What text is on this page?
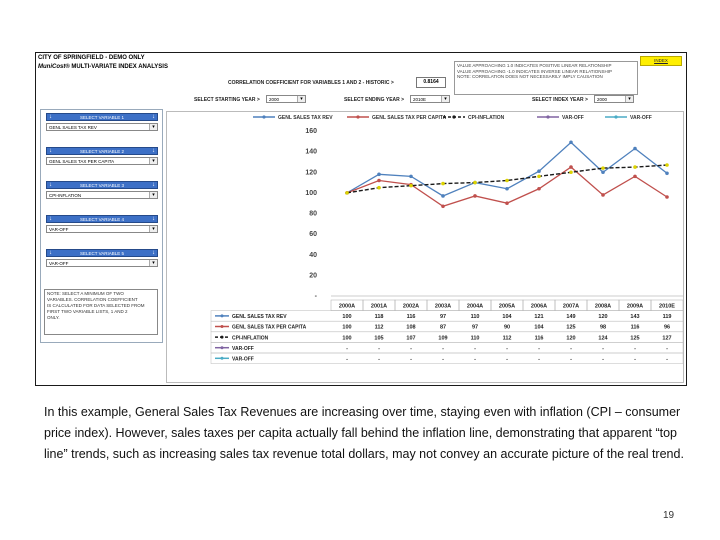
CITY OF SPRINGFIELD - DEMO ONLY
MuniCost® MULTI-VARIATE INDEX ANALYSIS
INDEX
VALUE APPROACHING 1.0 INDICATES POSITIVE LINEAR RELATIONSHIP
VALUE APPROACHING -1.0 INDICATES INVERSE LINEAR RELATIONSHIP
NOTE: CORRELATION DOES NOT NECESSARILY IMPLY CAUSATION
CORRELATION COEFFICIENT FOR VARIABLES 1 AND 2 - HISTORIC >	0.8164
SELECT STARTING YEAR >	2000	▾	SELECT ENDING YEAR >	2010E	▾	SELECT INDEX YEAR >	2000	▾
↓	SELECT VARIABLE 1	↓
GENL SALES TAX REV	▾
↓	SELECT VARIABLE 2	↓
GENL SALES TAX PER CAPITA	▾
↓	SELECT VARIABLE 3	↓
CPI-INFLATION	▾
↓	SELECT VARIABLE 4	↓
VAR-OFF	▾
↓	SELECT VARIABLE 5	↓
VAR-OFF	▾
NOTE: SELECT A MINIMUM OF TWO
VARIABLES. CORRELATION COEFFICIENT
IS CALCULATED FOR DATA SELECTED FROM
FIRST TWO VARIABLE LISTS, 1 AND 2
ONLY.
GENL SALES TAX REV	GENL SALES TAX PER CAPITA	CPI-INFLATION	VAR-OFF	VAR-OFF
160
140
120
100
80
60
40
20
-
2000A	2001A	2002A	2003A	2004A	2005A	2006A	2007A	2008A	2009A	2010E
GENL SALES TAX REV	100	118	116	97	110	104	121	149	120	143	119
GENL SALES TAX PER CAPITA	100	112	108	87	97	90	104	125	98	116	96
CPI-INFLATION	100	105	107	109	110	112	116	120	124	125	127
VAR-OFF	-	-	-	-	-	-	-	-	-	-	-
VAR-OFF	-	-	-	-	-	-	-	-	-	-	-
In this example, General Sales Tax Revenues are increasing over time, staying even with inflation (CPI – consumer price index). However, sales taxes per capita actually fall behind the inflation line, demonstrating that apparent “top line” trends, such as increasing sales tax revenue total dollars, may not convey an accurate picture of the real trend.
19
